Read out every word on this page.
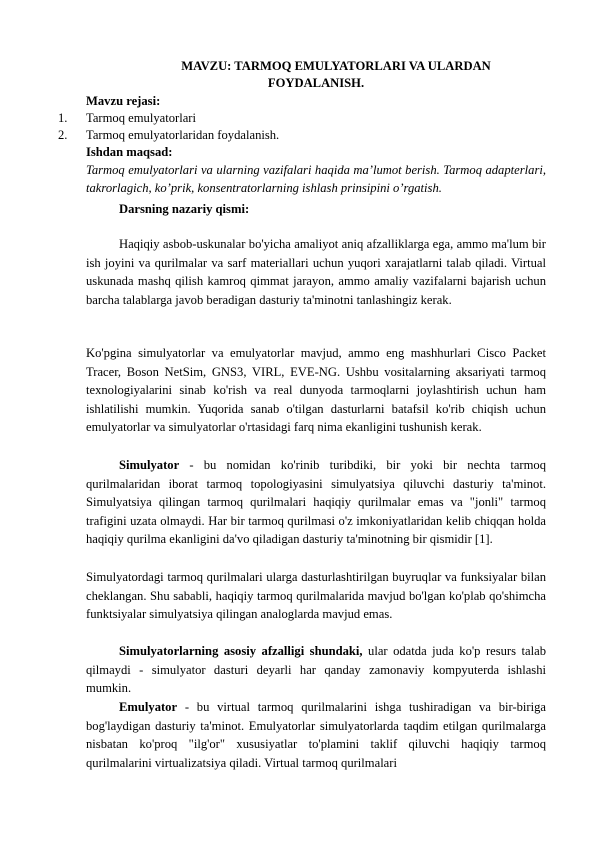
MAVZU: TARMOQ EMULYATORLARI VA ULARDAN
FOYDALANISH.
Mavzu rejasi:
1. Tarmoq emulyatorlari
2. Tarmoq emulyatorlaridan foydalanish.
Ishdan maqsad:
Tarmoq emulyatorlari va ularning vazifalari haqida ma’lumot berish. Tarmoq adapterlari, takrorlagich, ko’prik, konsentratorlarning ishlash prinsipini o’rgatish.
Darsning nazariy qismi:
Haqiqiy asbob-uskunalar bo'yicha amaliyot aniq afzalliklarga ega, ammo ma'lum bir ish joyini va qurilmalar va sarf materiallari uchun yuqori xarajatlarni talab qiladi. Virtual uskunada mashq qilish kamroq qimmat jarayon, ammo amaliy vazifalarni bajarish uchun barcha talablarga javob beradigan dasturiy ta'minotni tanlashingiz kerak.
Ko'pgina simulyatorlar va emulyatorlar mavjud, ammo eng mashhurlari Cisco Packet Tracer, Boson NetSim, GNS3, VIRL, EVE-NG. Ushbu vositalarning aksariyati tarmoq texnologiyalarini sinab ko'rish va real dunyoda tarmoqlarni joylashtirish uchun ham ishlatilishi mumkin. Yuqorida sanab o'tilgan dasturlarni batafsil ko'rib chiqish uchun emulyatorlar va simulyatorlar o'rtasidagi farq nima ekanligini tushunish kerak.
Simulyator - bu nomidan ko'rinib turibdiki, bir yoki bir nechta tarmoq qurilmalaridan iborat tarmoq topologiyasini simulyatsiya qiluvchi dasturiy ta'minot. Simulyatsiya qilingan tarmoq qurilmalari haqiqiy qurilmalar emas va "jonli" tarmoq trafigini uzata olmaydi. Har bir tarmoq qurilmasi o'z imkoniyatlaridan kelib chiqqan holda haqiqiy qurilma ekanligini da'vo qiladigan dasturiy ta'minotning bir qismidir [1].
Simulyatordagi tarmoq qurilmalari ularga dasturlashtirilgan buyruqlar va funksiyalar bilan cheklangan. Shu sababli, haqiqiy tarmoq qurilmalarida mavjud bo'lgan ko'plab qo'shimcha funktsiyalar simulyatsiya qilingan analoglarda mavjud emas.
Simulyatorlarning asosiy afzalligi shundaki, ular odatda juda ko'p resurs talab qilmaydi - simulyator dasturi deyarli har qanday zamonaviy kompyuterda ishlashi mumkin.
Emulyator - bu virtual tarmoq qurilmalarini ishga tushiradigan va bir-biriga bog'laydigan dasturiy ta'minot. Emulyatorlar simulyatorlarda taqdim etilgan qurilmalarga nisbatan ko'proq "ilg'or" xususiyatlar to'plamini taklif qiluvchi haqiqiy tarmoq qurilmalarini virtualizatsiya qiladi. Virtual tarmoq qurilmalari
